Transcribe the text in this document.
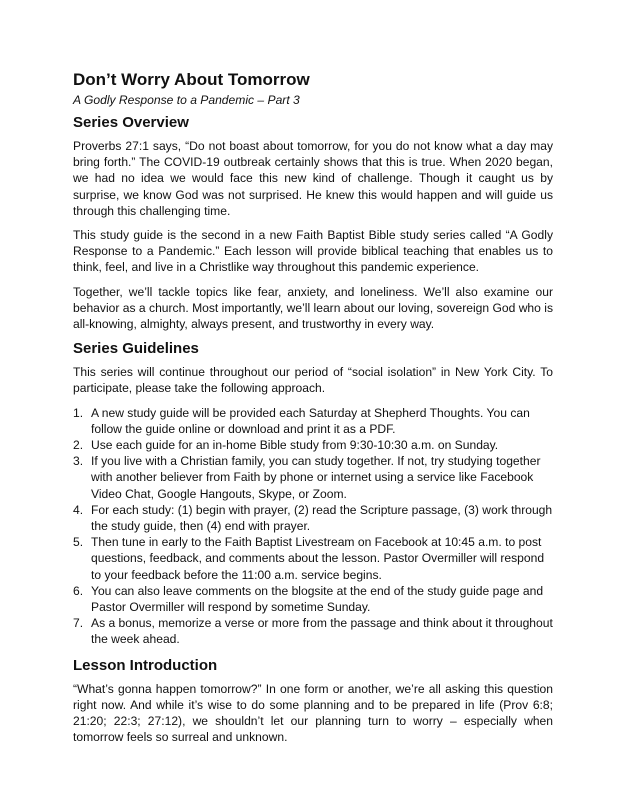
Don’t Worry About Tomorrow
A Godly Response to a Pandemic – Part 3
Series Overview

Proverbs 27:1 says, “Do not boast about tomorrow, for you do not know what a day may bring forth.” The COVID-19 outbreak certainly shows that this is true. When 2020 began, we had no idea we would face this new kind of challenge. Though it caught us by surprise, we know God was not surprised. He knew this would happen and will guide us through this challenging time.

This study guide is the second in a new Faith Baptist Bible study series called “A Godly Response to a Pandemic.” Each lesson will provide biblical teaching that enables us to think, feel, and live in a Christlike way throughout this pandemic experience.

Together, we’ll tackle topics like fear, anxiety, and loneliness. We’ll also examine our behavior as a church. Most importantly, we’ll learn about our loving, sovereign God who is all-knowing, almighty, always present, and trustworthy in every way.

Series Guidelines

This series will continue throughout our period of “social isolation” in New York City. To participate, please take the following approach.

1. A new study guide will be provided each Saturday at Shepherd Thoughts. You can follow the guide online or download and print it as a PDF.
2. Use each guide for an in-home Bible study from 9:30-10:30 a.m. on Sunday.
3. If you live with a Christian family, you can study together. If not, try studying together with another believer from Faith by phone or internet using a service like Facebook Video Chat, Google Hangouts, Skype, or Zoom.
4. For each study: (1) begin with prayer, (2) read the Scripture passage, (3) work through the study guide, then (4) end with prayer.
5. Then tune in early to the Faith Baptist Livestream on Facebook at 10:45 a.m. to post questions, feedback, and comments about the lesson. Pastor Overmiller will respond to your feedback before the 11:00 a.m. service begins.
6. You can also leave comments on the blogsite at the end of the study guide page and Pastor Overmiller will respond by sometime Sunday.
7. As a bonus, memorize a verse or more from the passage and think about it throughout the week ahead.
Lesson Introduction

“What’s gonna happen tomorrow?” In one form or another, we’re all asking this question right now. And while it’s wise to do some planning and to be prepared in life (Prov 6:8; 21:20; 22:3; 27:12), we shouldn’t let our planning turn to worry – especially when tomorrow feels so surreal and unknown.
